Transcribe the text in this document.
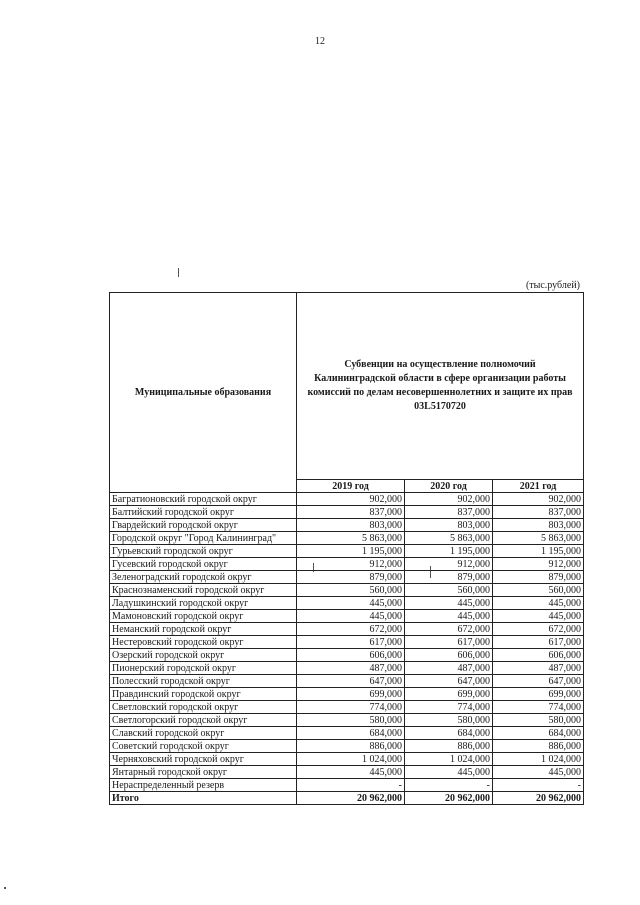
12
(тыс.рублей)
Муниципальные образования	Субвенции на осуществление полномочий Калининградской области в сфере организации работы комиссий по делам несовершеннолетних и защите их прав 03L5170720		
	2019 год	2020 год	2021 год
Багратионовский городской округ	902,000	902,000	902,000
Балтийский городской округ	837,000	837,000	837,000
Гвардейский городской округ	803,000	803,000	803,000
Городской округ "Город Калининград"	5 863,000	5 863,000	5 863,000
Гурьевский городской округ	1 195,000	1 195,000	1 195,000
Гусевский городской округ	912,000	912,000	912,000
Зеленоградский городской округ	879,000	879,000	879,000
Краснознаменский городской округ	560,000	560,000	560,000
Ладушкинский городской округ	445,000	445,000	445,000
Мамоновский городской округ	445,000	445,000	445,000
Неманский городской округ	672,000	672,000	672,000
Нестеровский городской округ	617,000	617,000	617,000
Озерский городской округ	606,000	606,000	606,000
Пионерский городской округ	487,000	487,000	487,000
Полесский городской округ	647,000	647,000	647,000
Правдинский городской округ	699,000	699,000	699,000
Светловский городской округ	774,000	774,000	774,000
Светлогорский городской округ	580,000	580,000	580,000
Славский городской округ	684,000	684,000	684,000
Советский городской округ	886,000	886,000	886,000
Черняховский городской округ	1 024,000	1 024,000	1 024,000
Янтарный городской округ	445,000	445,000	445,000
Нераспределенный резерв	-	-	-
Итого	20 962,000	20 962,000	20 962,000
